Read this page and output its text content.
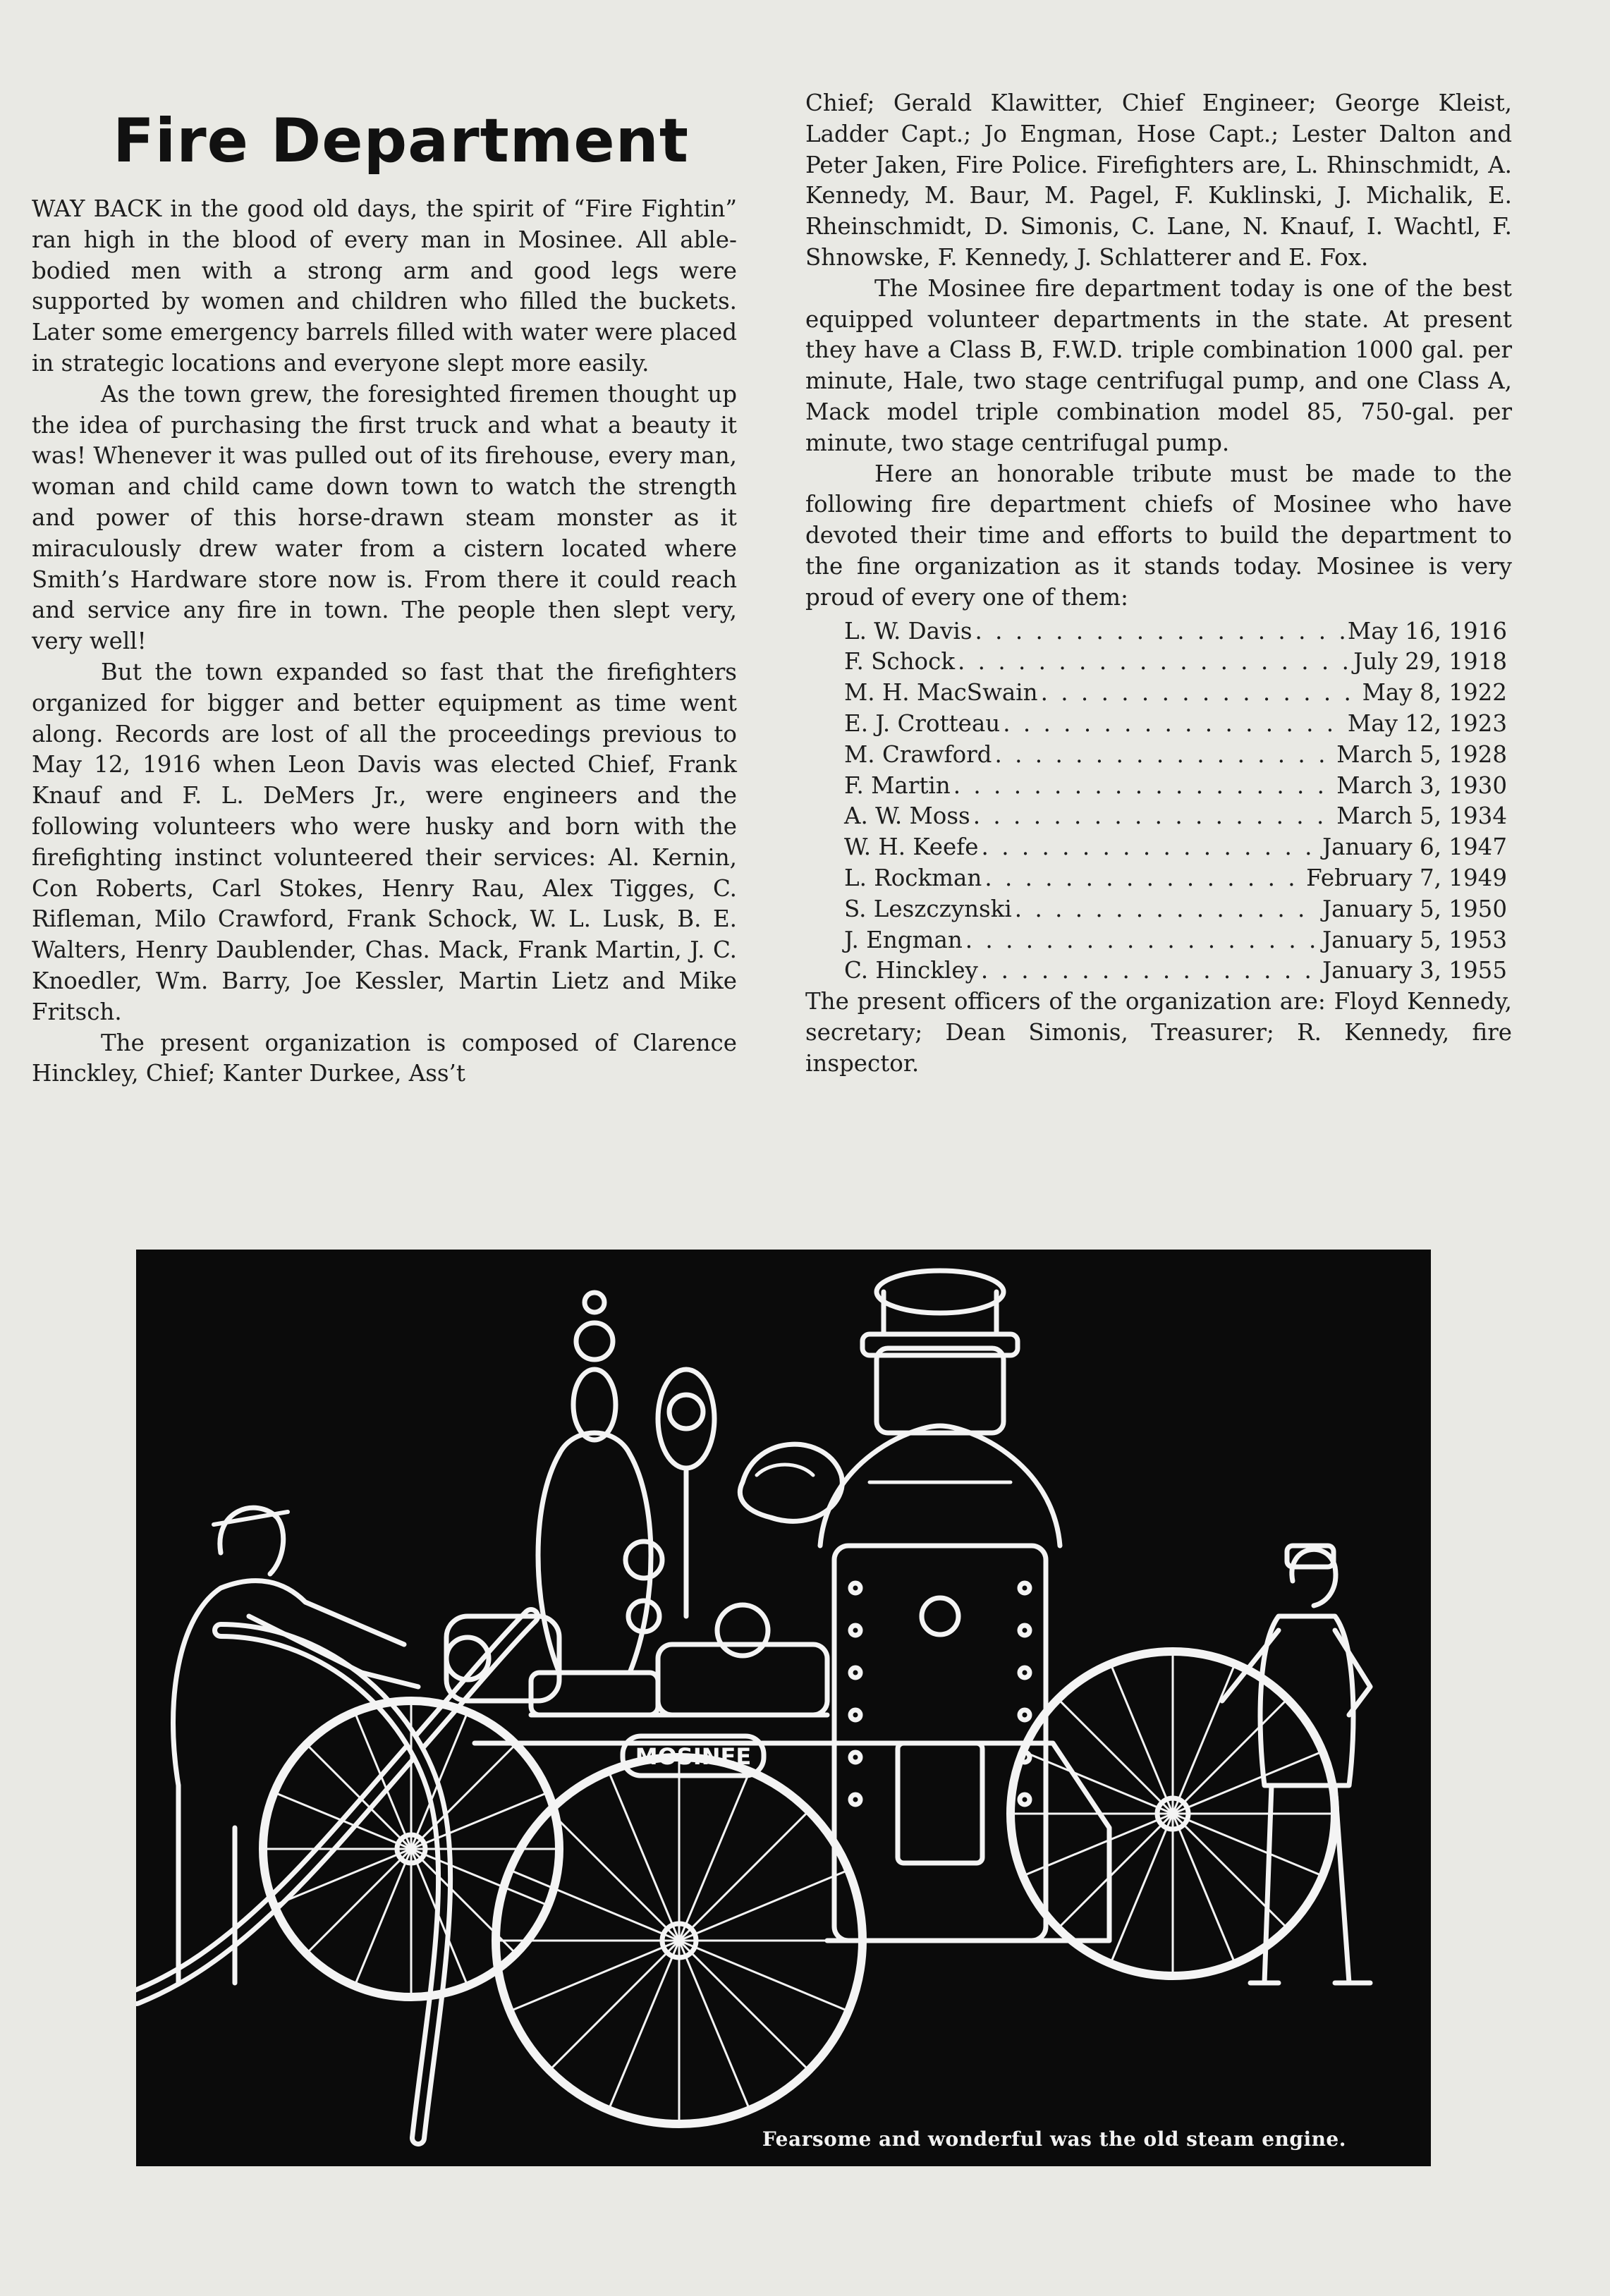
Fire Department

WAY BACK in the good old days, the spirit of “Fire Fightin” ran high in the blood of every man in Mosinee. All able-bodied men with a strong arm and good legs were supported by women and children who filled the buckets. Later some emergency barrels filled with water were placed in strategic locations and everyone slept more easily.

As the town grew, the foresighted firemen thought up the idea of purchasing the first truck and what a beauty it was! Whenever it was pulled out of its firehouse, every man, woman and child came down town to watch the strength and power of this horse-drawn steam monster as it miraculously drew water from a cistern located where Smith’s Hardware store now is. From there it could reach and service any fire in town. The people then slept very, very well!

But the town expanded so fast that the firefighters organized for bigger and better equipment as time went along. Records are lost of all the proceedings previous to May 12, 1916 when Leon Davis was elected Chief, Frank Knauf and F. L. DeMers Jr., were engineers and the following volunteers who were husky and born with the firefighting instinct volunteered their services: Al. Kernin, Con Roberts, Carl Stokes, Henry Rau, Alex Tigges, C. Rifleman, Milo Crawford, Frank Schock, W. L. Lusk, B. E. Walters, Henry Daublender, Chas. Mack, Frank Martin, J. C. Knoedler, Wm. Barry, Joe Kessler, Martin Lietz and Mike Fritsch.

The present organization is composed of Clarence Hinckley, Chief; Kanter Durkee, Ass’t

Chief; Gerald Klawitter, Chief Engineer; George Kleist, Ladder Capt.; Jo Engman, Hose Capt.; Lester Dalton and Peter Jaken, Fire Police. Firefighters are, L. Rhinschmidt, A. Kennedy, M. Baur, M. Pagel, F. Kuklinski, J. Michalik, E. Rheinschmidt, D. Simonis, C. Lane, N. Knauf, I. Wachtl, F. Shnowske, F. Kennedy, J. Schlatterer and E. Fox.

The Mosinee fire department today is one of the best equipped volunteer departments in the state. At present they have a Class B, F.W.D. triple combination 1000 gal. per minute, Hale, two stage centrifugal pump, and one Class A, Mack model triple combination model 85, 750-gal. per minute, two stage centrifugal pump.

Here an honorable tribute must be made to the following fire department chiefs of Mosinee who have devoted their time and efforts to build the department to the fine organization as it stands today. Mosinee is very proud of every one of them:

L. W. Davis . . .	May 16, 1916
F. Schock . . .	July 29, 1918
M. H. MacSwain . . .	May 8, 1922
E. J. Crotteau . . .	May 12, 1923
M. Crawford . . .	March 5, 1928
F. Martin . . .	March 3, 1930
A. W. Moss . . .	March 5, 1934
W. H. Keefe . . .	January 6, 1947
L. Rockman . . .	February 7, 1949
S. Leszczynski . . .	January 5, 1950
J. Engman . . .	January 5, 1953
C. Hinckley . . .	January 3, 1955

The present officers of the organization are: Floyd Kennedy, secretary; Dean Simonis, Treasurer; R. Kennedy, fire inspector.

MOSINEE
Fearsome and wonderful was the old steam engine.
